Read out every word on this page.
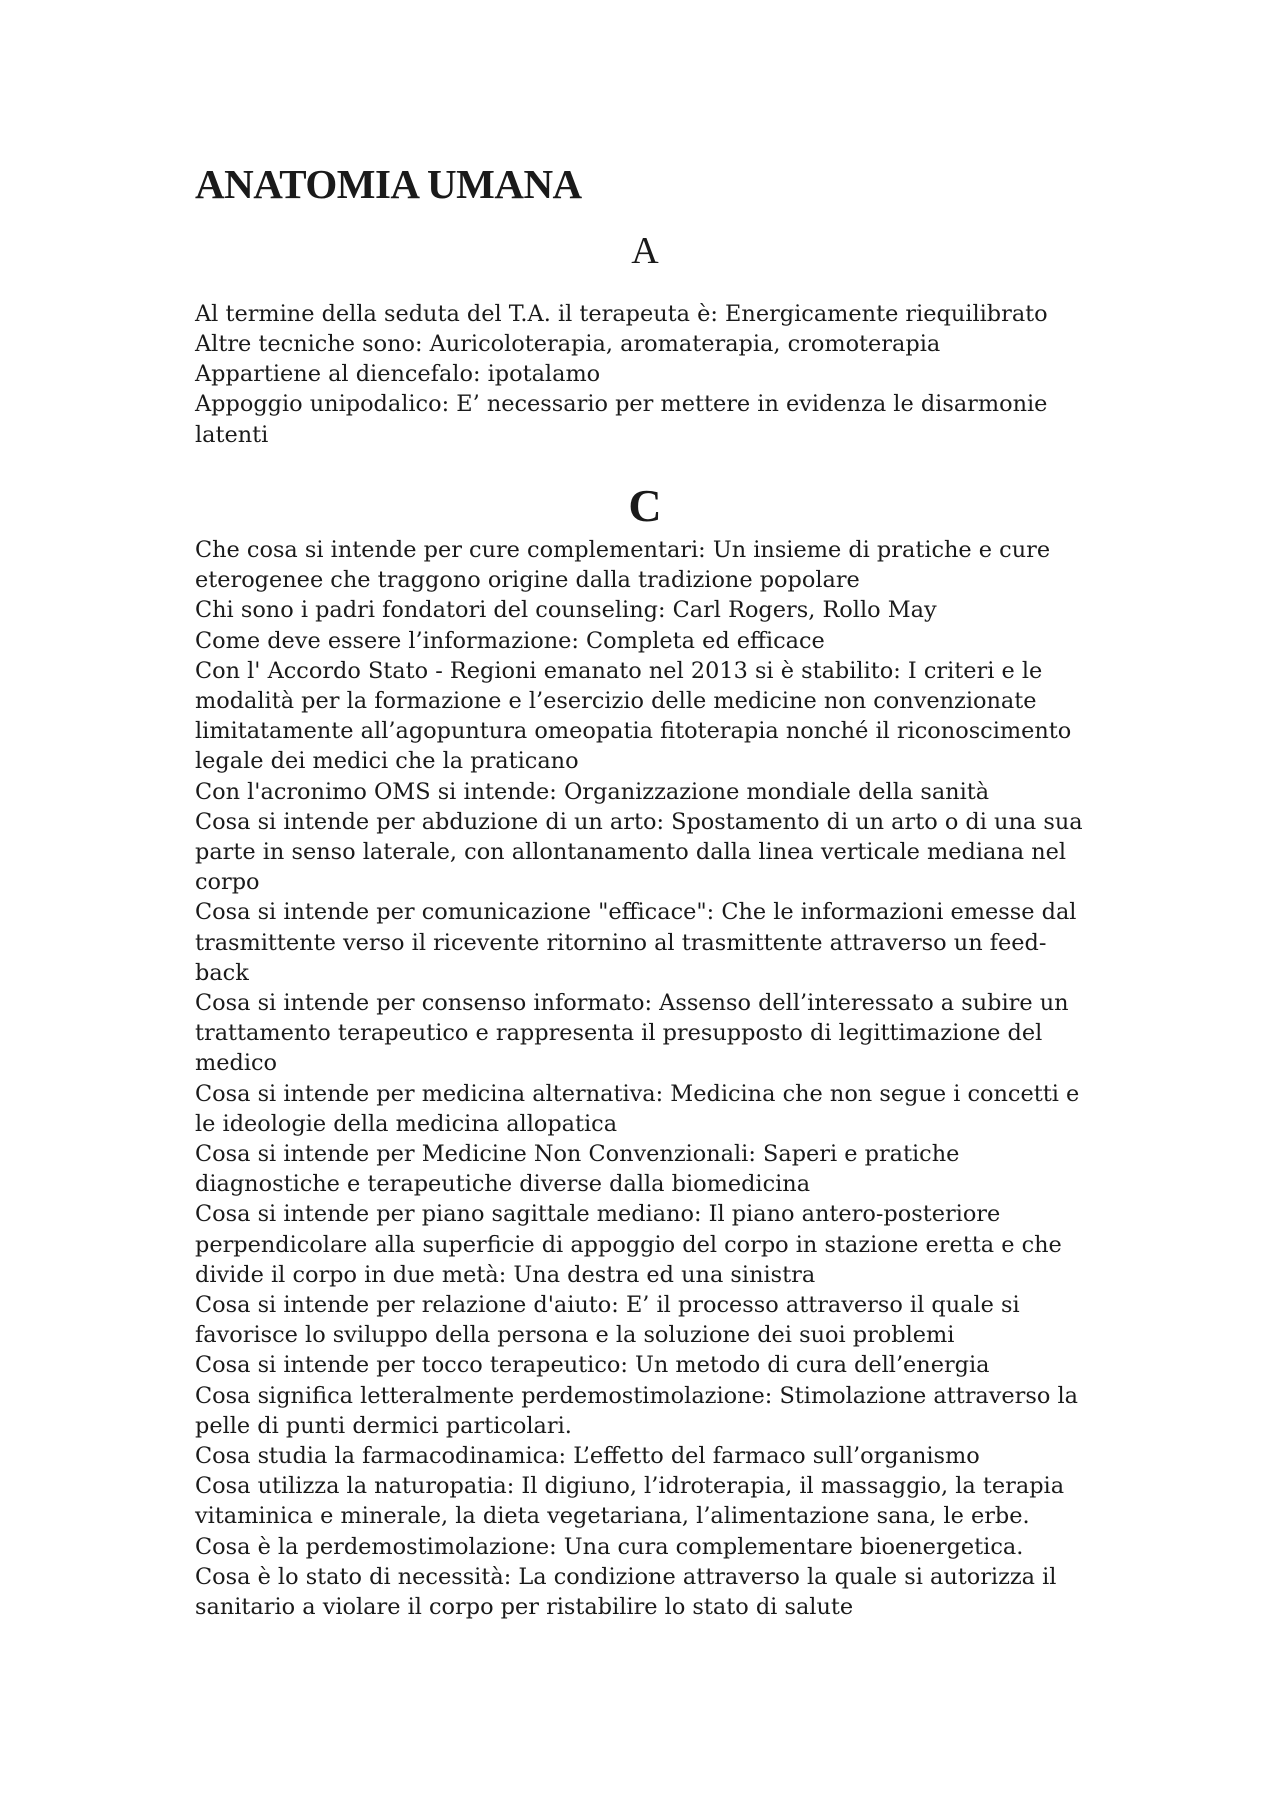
ANATOMIA UMANA
A

Al termine della seduta del T.A. il terapeuta è: Energicamente riequilibrato

Altre tecniche sono: Auricoloterapia, aromaterapia, cromoterapia

Appartiene al diencefalo: ipotalamo

Appoggio unipodalico: E’ necessario per mettere in evidenza le disarmonie latenti

C

Che cosa si intende per cure complementari: Un insieme di pratiche e cure eterogenee che traggono origine dalla tradizione popolare

Chi sono i padri fondatori del counseling: Carl Rogers, Rollo May

Come deve essere l’informazione: Completa ed efficace

Con l' Accordo Stato - Regioni emanato nel 2013 si è stabilito: I criteri e le modalità per la formazione e l’esercizio delle medicine non convenzionate limitatamente all’agopuntura omeopatia fitoterapia nonché il riconoscimento legale dei medici che la praticano

Con l'acronimo OMS si intende: Organizzazione mondiale della sanità

Cosa si intende per abduzione di un arto: Spostamento di un arto o di una sua parte in senso laterale, con allontanamento dalla linea verticale mediana nel corpo

Cosa si intende per comunicazione "efficace": Che le informazioni emesse dal trasmittente verso il ricevente ritornino al trasmittente attraverso un feed-back

Cosa si intende per consenso informato: Assenso dell’interessato a subire un trattamento terapeutico e rappresenta il presupposto di legittimazione del medico

Cosa si intende per medicina alternativa: Medicina che non segue i concetti e le ideologie della medicina allopatica

Cosa si intende per Medicine Non Convenzionali: Saperi e pratiche diagnostiche e terapeutiche diverse dalla biomedicina

Cosa si intende per piano sagittale mediano: Il piano antero-posteriore perpendicolare alla superficie di appoggio del corpo in stazione eretta e che divide il corpo in due metà: Una destra ed una sinistra

Cosa si intende per relazione d'aiuto: E’ il processo attraverso il quale si favorisce lo sviluppo della persona e la soluzione dei suoi problemi

Cosa si intende per tocco terapeutico: Un metodo di cura dell’energia

Cosa significa letteralmente perdemostimolazione: Stimolazione attraverso la pelle di punti dermici particolari.

Cosa studia la farmacodinamica: L’effetto del farmaco sull’organismo

Cosa utilizza la naturopatia: Il digiuno, l’idroterapia, il massaggio, la terapia vitaminica e minerale, la dieta vegetariana, l’alimentazione sana, le erbe.

Cosa è la perdemostimolazione: Una cura complementare bioenergetica.

Cosa è lo stato di necessità: La condizione attraverso la quale si autorizza il sanitario a violare il corpo per ristabilire lo stato di salute
